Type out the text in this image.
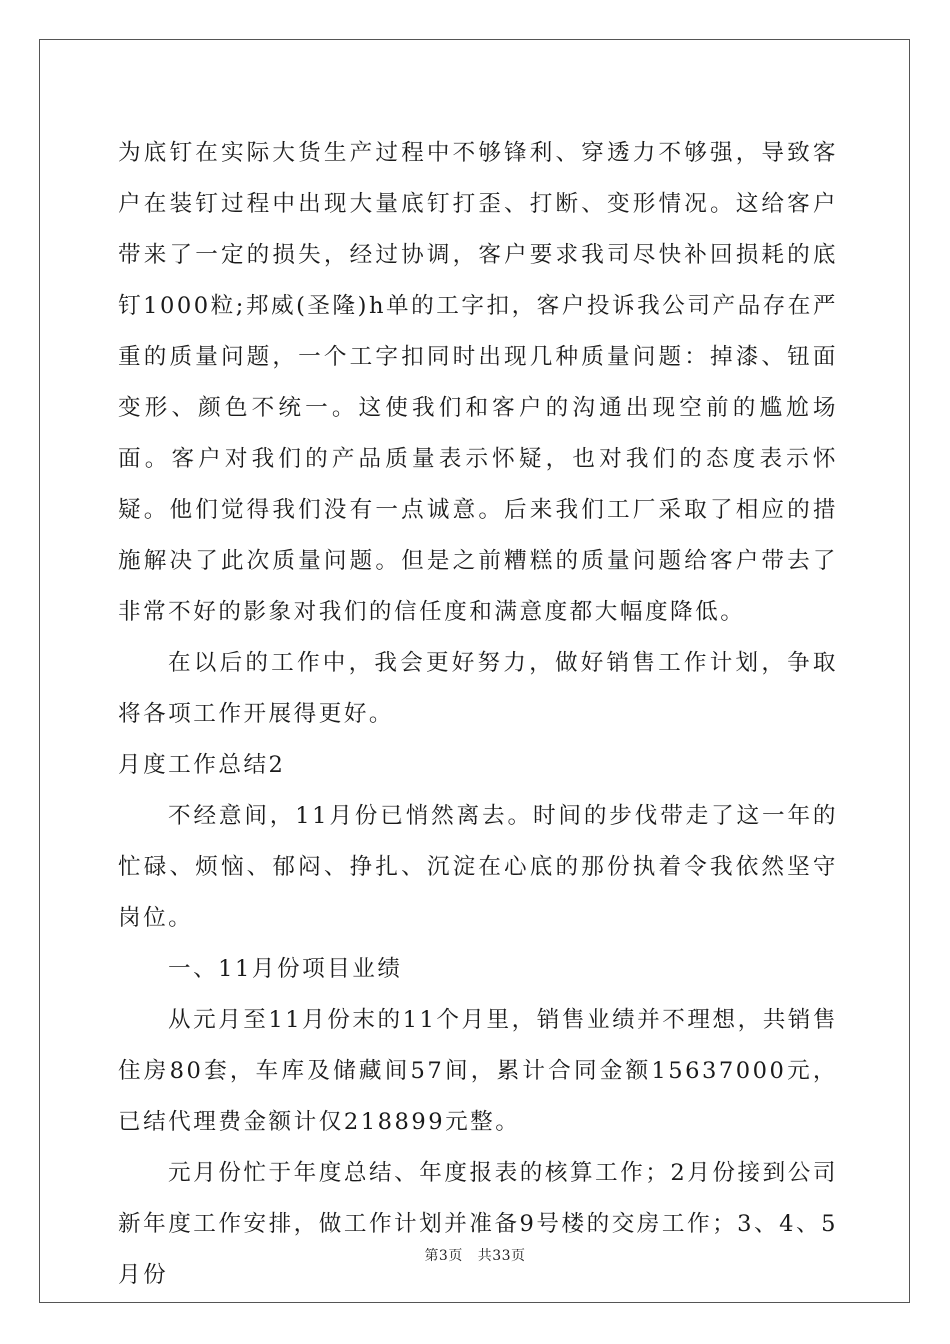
为底钉在实际大货生产过程中不够锋利、穿透力不够强，导致客户在装钉过程中出现大量底钉打歪、打断、变形情况。这给客户带来了一定的损失，经过协调，客户要求我司尽快补回损耗的底钉1000粒;邦威(圣隆)h单的工字扣，客户投诉我公司产品存在严重的质量问题，一个工字扣同时出现几种质量问题：掉漆、钮面变形、颜色不统一。这使我们和客户的沟通出现空前的尴尬场面。客户对我们的产品质量表示怀疑，也对我们的态度表示怀疑。他们觉得我们没有一点诚意。后来我们工厂采取了相应的措施解决了此次质量问题。但是之前糟糕的质量问题给客户带去了非常不好的影象对我们的信任度和满意度都大幅度降低。

在以后的工作中，我会更好努力，做好销售工作计划，争取将各项工作开展得更好。

月度工作总结2

不经意间，11月份已悄然离去。时间的步伐带走了这一年的忙碌、烦恼、郁闷、挣扎、沉淀在心底的那份执着令我依然坚守岗位。

一、11月份项目业绩

从元月至11月份末的11个月里，销售业绩并不理想，共销售住房80套，车库及储藏间57间，累计合同金额15637000元，已结代理费金额计仅218899元整。

元月份忙于年度总结、年度报表的核算工作；2月份接到公司新年度工作安排，做工作计划并准备9号楼的交房工作；3、4、5月份

第3页 共33页
